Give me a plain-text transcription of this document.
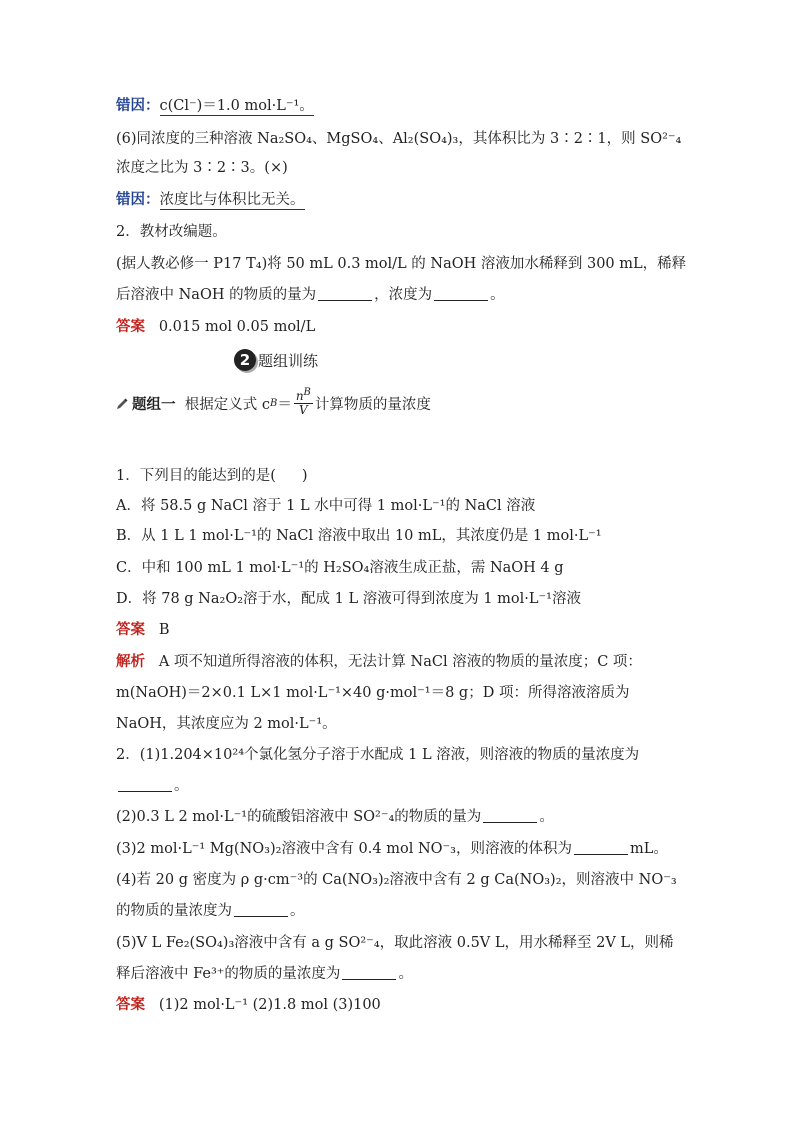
错因：c(Cl⁻)＝1.0 mol·L⁻¹。
(6)同浓度的三种溶液 Na₂SO₄、MgSO₄、Al₂(SO₄)₃，其体积比为 3∶2∶1，则 SO²⁻₄
浓度之比为 3∶2∶3。(×)
错因：浓度比与体积比无关。
2．教材改编题。
(据人教必修一 P17 T₄)将 50 mL 0.3 mol/L 的 NaOH 溶液加水稀释到 300 mL，稀释
后溶液中 NaOH 的物质的量为	，浓度为	。
答案 0.015 mol 0.05 mol/L
2 题组训练
题组一
根据定义式 c $B = \frac{n^B}{V}$ 计算物质的量浓度
1．下列目的能达到的是( )
A．将 58.5 g NaCl 溶于 1 L 水中可得 1 mol·L⁻¹的 NaCl 溶液
B．从 1 L 1 mol·L⁻¹的 NaCl 溶液中取出 10 mL，其浓度仍是 1 mol·L⁻¹
C．中和 100 mL 1 mol·L⁻¹的 H₂SO₄溶液生成正盐，需 NaOH 4 g
D．将 78 g Na₂O₂溶于水，配成 1 L 溶液可得到浓度为 1 mol·L⁻¹溶液
答案 B
解析 A 项不知道所得溶液的体积，无法计算 NaCl 溶液的物质的量浓度；C 项：
m(NaOH)＝2×0.1 L×1 mol·L⁻¹×40 g·mol⁻¹＝8 g；D 项：所得溶液溶质为
NaOH，其浓度应为 2 mol·L⁻¹。
2．(1)1.204×10²⁴个氯化氢分子溶于水配成 1 L 溶液，则溶液的物质的量浓度为
。
(2)0.3 L 2 mol·L⁻¹的硫酸铝溶液中 SO²⁻₄的物质的量为	。
(3)2 mol·L⁻¹ Mg(NO₃)₂溶液中含有 0.4 mol NO⁻₃，则溶液的体积为	mL。
(4)若 20 g 密度为 ρ g·cm⁻³的 Ca(NO₃)₂溶液中含有 2 g Ca(NO₃)₂，则溶液中 NO⁻₃
的物质的量浓度为	。
(5)V L Fe₂(SO₄)₃溶液中含有 a g SO²⁻₄，取此溶液 0.5V L，用水稀释至 2V L，则稀
释后溶液中 Fe³⁺的物质的量浓度为	。
答案 (1)2 mol·L⁻¹ (2)1.8 mol (3)100
